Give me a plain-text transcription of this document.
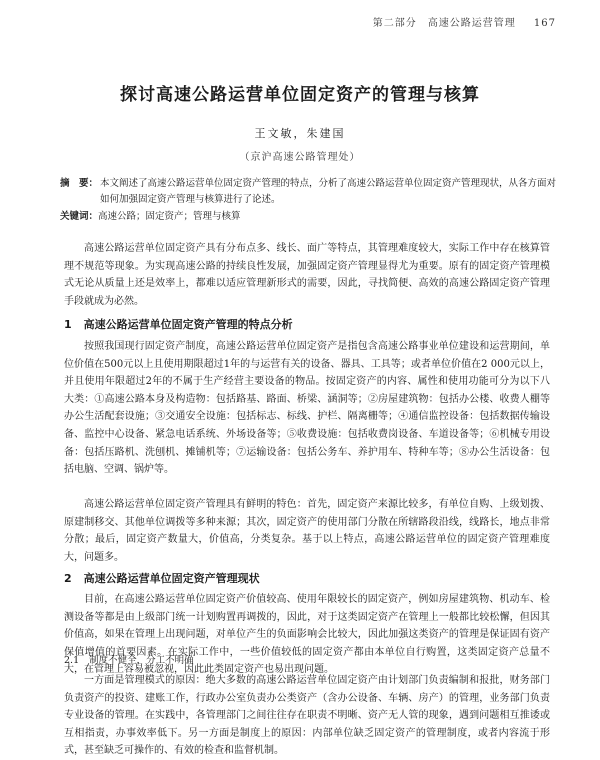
第二部分　高速公路运营管理 167
探讨高速公路运营单位固定资产的管理与核算
王文敏，朱建国
（京沪高速公路管理处）
摘　要： 本文阐述了高速公路运营单位固定资产管理的特点，分析了高速公路运营单位固定资产管理现状，从各方面对如何加强固定资产管理与核算进行了论述。
关键词：高速公路；固定资产；管理与核算

高速公路运营单位固定资产具有分布点多、线长、面广等特点，其管理难度较大，实际工作中存在核算管理不规范等现象。为实现高速公路的持续良性发展，加强固定资产管理显得尤为重要。原有的固定资产管理模式无论从质量上还是效率上，都难以适应管理新形式的需要，因此，寻找简便、高效的高速公路固定资产管理手段就成为必然。

1 高速公路运营单位固定资产管理的特点分析

按照我国现行固定资产制度，高速公路运营单位固定资产是指包含高速公路事业单位建设和运营期间，单位价值在500元以上且使用期限超过1年的与运营有关的设备、器具、工具等；或者单位价值在2 000元以上，并且使用年限超过2年的不属于生产经营主要设备的物品。按固定资产的内容、属性和使用功能可分为以下八大类：①高速公路本身及构造物：包括路基、路面、桥梁、涵洞等；②房屋建筑物：包括办公楼、收费人棚等办公生活配套设施；③交通安全设施：包括标志、标线、护栏、隔离栅等；④通信监控设备：包括数据传输设备、监控中心设备、紧急电话系统、外场设备等；⑤收费设施：包括收费岗设备、车道设备等；⑥机械专用设备：包括压路机、洗刨机、摊铺机等；⑦运输设备：包括公务车、养护用车、特种车等；⑧办公生活设备：包括电脑、空调、锅炉等。

高速公路运营单位固定资产管理具有鲜明的特色：首先，固定资产来源比较多，有单位自购、上级划拨、原建制移交、其他单位调拨等多种来源；其次，固定资产的使用部门分散在所辖路段沿线，线路长，地点非常分散；最后，固定资产数量大，价值高，分类复杂。基于以上特点，高速公路运营单位的固定资产管理难度大，问题多。

2 高速公路运营单位固定资产管理现状

目前，在高速公路运营单位固定资产价值较高、使用年限较长的固定资产，例如房屋建筑物、机动车、检测设备等都是由上级部门统一计划购置再调拨的，因此，对于这类固定资产在管理上一般都比较松懈，但因其价值高，如果在管理上出现问题，对单位产生的负面影响会比较大，因此加强这类资产的管理是保证固有资产保值增值的首要因素。在实际工作中，一些价值较低的固定资产都由本单位自行购置，这类固定资产总量不大，在管理上容易被忽视，因此此类固定资产也易出现问题。

2.1 制度不健全，分工不明确

一方面是管理模式的原因：绝大多数的高速公路运营单位固定资产由计划部门负责编制和报批，财务部门负责资产的投资、建账工作，行政办公室负责办公类资产（含办公设备、车辆、房产）的管理，业务部门负责专业设备的管理。在实践中，各管理部门之间往往存在职责不明晰、资产无人管的现象，遇到问题相互推诿或互相指责，办事效率低下。另一方面是制度上的原因：内部单位缺乏固定资产的管理制度，或者内容流于形式，甚至缺乏可操作的、有效的检查和监督机制。
